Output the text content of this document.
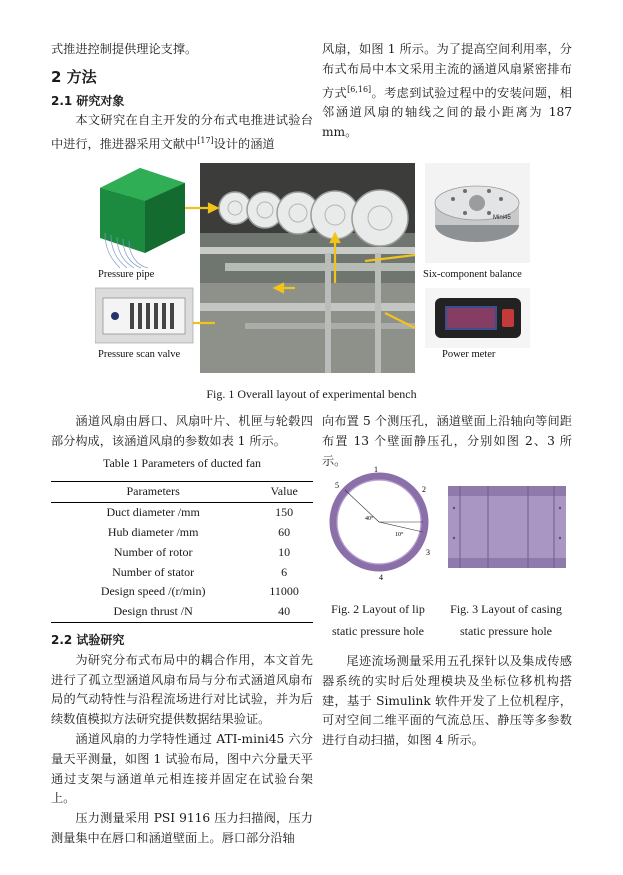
式推进控制提供理论支撑。

2 方法
2.1 研究对象

本文研究在自主开发的分布式电推进试验台中进行，推进器采用文献中[17]设计的涵道

风扇，如图 1 所示。为了提高空间利用率，分布式布局中本文采用主流的涵道风扇紧密排布方式[6,16]。考虑到试验过程中的安装问题，相邻涵道风扇的轴线之间的最小距离为 187 mm。

Mini45
Pressure pipe
Pressure scan valve
Six-component balance
Power meter
Fig. 1 Overall layout of experimental bench

涵道风扇由唇口、风扇叶片、机匣与轮毂四部分构成，该涵道风扇的参数如表 1 所示。

Table 1 Parameters of ducted fan
Parameters	Value
Duct diameter /mm	150
Hub diameter /mm	60
Number of rotor	10
Number of stator	6
Design speed /(r/min)	11000
Design thrust /N	40
2.2 试验研究

为研究分布式布局中的耦合作用，本文首先进行了孤立型涵道风扇布局与分布式涵道风扇布局的气动特性与沿程流场进行对比试验，并为后续数值模拟方法研究提供数据结果验证。

涵道风扇的力学特性通过 ATI-mini45 六分量天平测量，如图 1 试验布局，图中六分量天平通过支架与涵道单元相连接并固定在试验台架上。

压力测量采用 PSI 9116 压力扫描阀，压力测量集中在唇口和涵道壁面上。唇口部分沿轴

向布置 5 个测压孔，涵道壁面上沿轴向等间距布置 13 个壁面静压孔，分别如图 2、3 所示。

1
2
3
4
5
40°
10°
Fig. 2 Layout of lip
static pressure hole
Fig. 3 Layout of casing
static pressure hole

尾迹流场测量采用五孔探针以及集成传感器系统的实时后处理模块及坐标位移机构搭建，基于 Simulink 软件开发了上位机程序，可对空间二维平面的气流总压、静压等多参数进行自动扫描，如图 4 所示。
